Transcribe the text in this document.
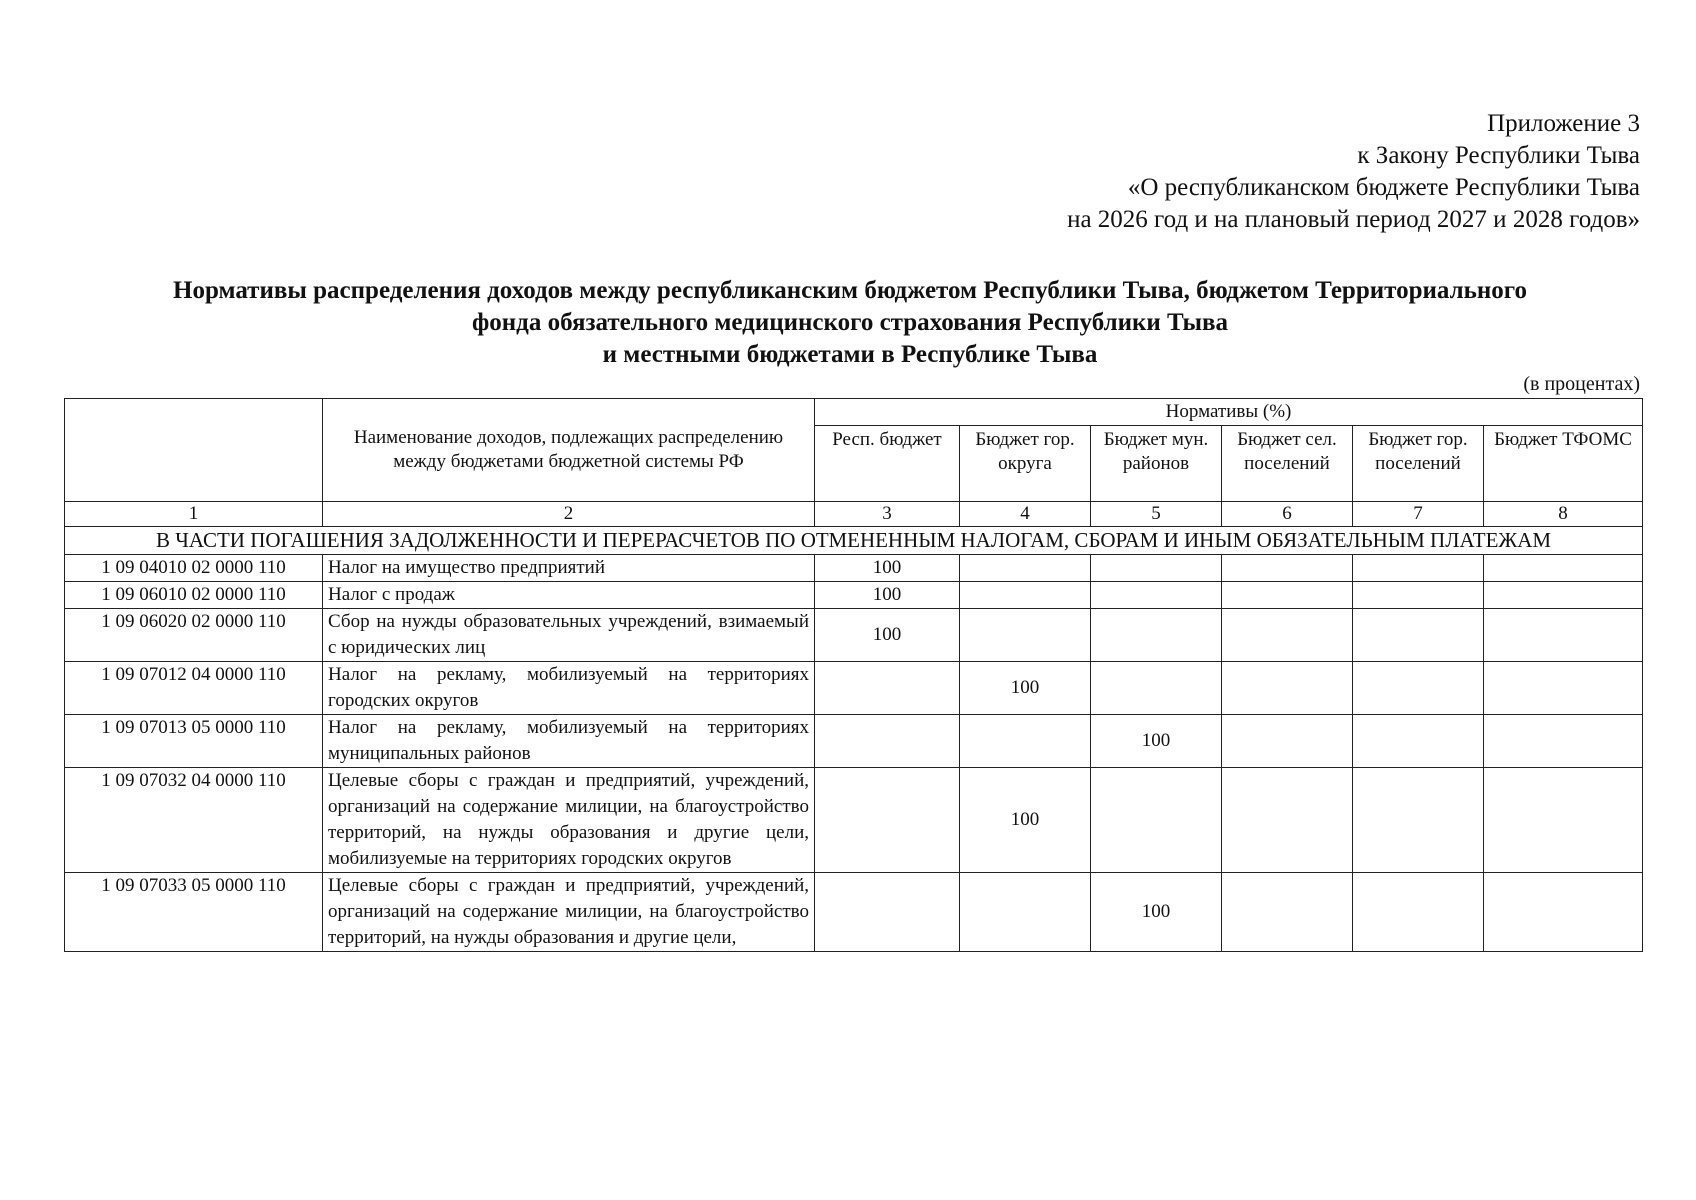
Приложение 3
к Закону Республики Тыва
«О республиканском бюджете Республики Тыва
на 2026 год и на плановый период 2027 и 2028 годов»
Нормативы распределения доходов между республиканским бюджетом Республики Тыва, бюджетом Территориального
фонда обязательного медицинского страхования Республики Тыва
и местными бюджетами в Республике Тыва
(в процентах)
	Наименование доходов, подлежащих распределению между бюджетами бюджетной системы РФ	Нормативы (%)					
		Респ. бюджет	Бюджет гор. округа	Бюджет мун. районов	Бюджет сел. поселений	Бюджет гор. поселений	Бюджет ТФОМС
1	2	3	4	5	6	7	8
В ЧАСТИ ПОГАШЕНИЯ ЗАДОЛЖЕННОСТИ И ПЕРЕРАСЧЕТОВ ПО ОТМЕНЕННЫМ НАЛОГАМ, СБОРАМ И ИНЫМ ОБЯЗАТЕЛЬНЫМ ПЛАТЕЖАМ							
1 09 04010 02 0000 110	Налог на имущество предприятий	100					
1 09 06010 02 0000 110	Налог с продаж	100					
1 09 06020 02 0000 110	Сбор на нужды образовательных учреждений, взимаемый с юридических лиц	100					
1 09 07012 04 0000 110	Налог на рекламу, мобилизуемый на территориях городских округов		100				
1 09 07013 05 0000 110	Налог на рекламу, мобилизуемый на территориях муниципальных районов			100			
1 09 07032 04 0000 110	Целевые сборы с граждан и предприятий, учреждений, организаций на содержание милиции, на благоустройство территорий, на нужды образования и другие цели, мобилизуемые на территориях городских округов		100				
1 09 07033 05 0000 110	Целевые сборы с граждан и предприятий, учреждений, организаций на содержание милиции, на благоустройство территорий, на нужды образования и другие цели,			100			
